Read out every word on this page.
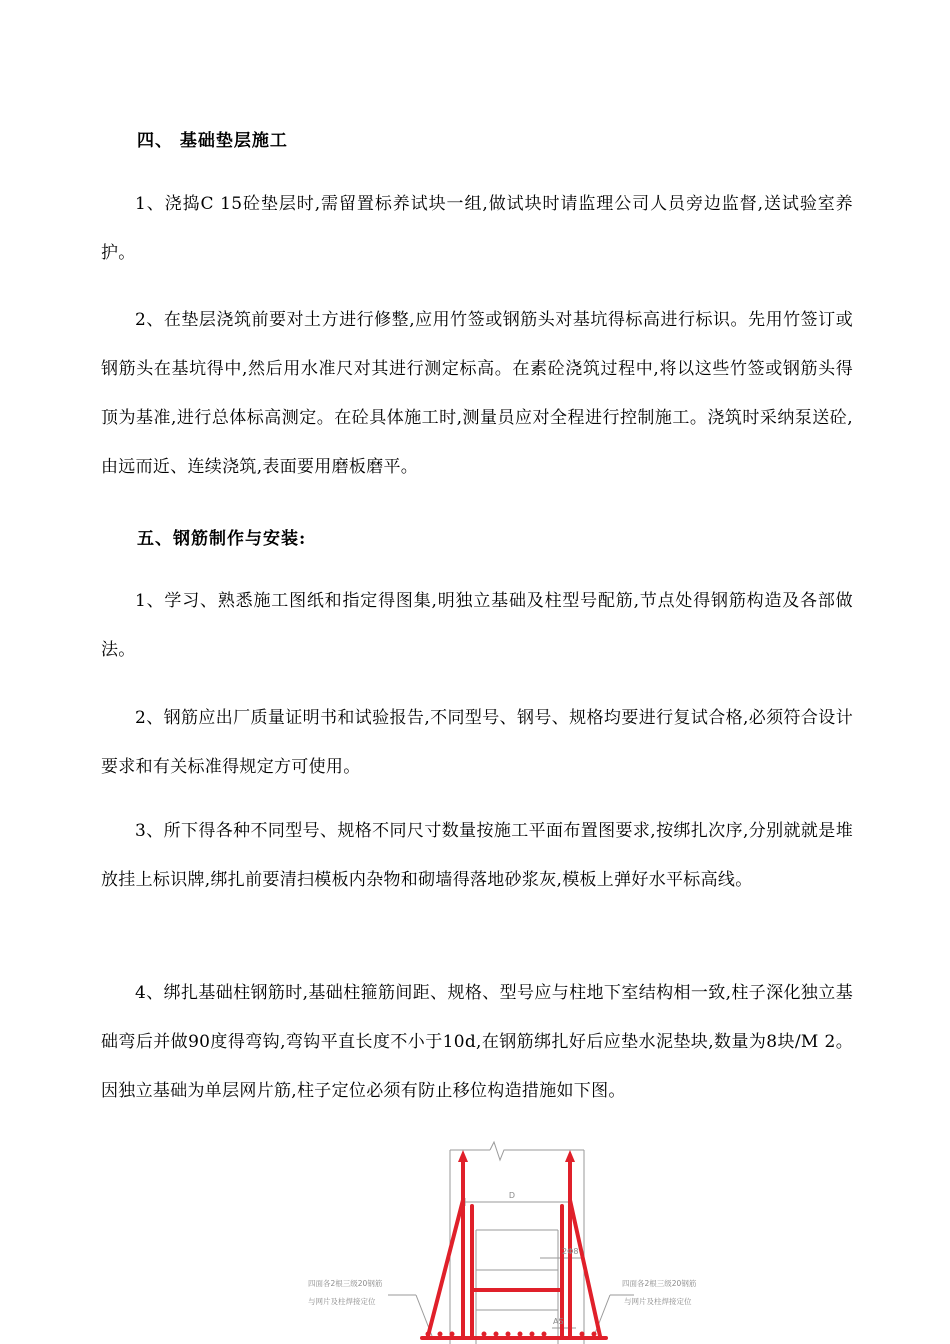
四、 基础垫层施工
1、浇捣C 15砼垫层时,需留置标养试块一组,做试块时请监理公司人员旁边监督,送试验室养护。
2、在垫层浇筑前要对土方进行修整,应用竹签或钢筋头对基坑得标高进行标识。先用竹签订或钢筋头在基坑得中,然后用水准尺对其进行测定标高。在素砼浇筑过程中,将以这些竹签或钢筋头得顶为基准,进行总体标高测定。在砼具体施工时,测量员应对全程进行控制施工。浇筑时采纳泵送砼,由远而近、连续浇筑,表面要用磨板磨平。
五、钢筋制作与安装:
1、学习、熟悉施工图纸和指定得图集,明独立基础及柱型号配筋,节点处得钢筋构造及各部做法。
2、钢筋应出厂质量证明书和试验报告,不同型号、钢号、规格均要进行复试合格,必须符合设计要求和有关标准得规定方可使用。
3、所下得各种不同型号、规格不同尺寸数量按施工平面布置图要求,按绑扎次序,分别就就是堆放挂上标识牌,绑扎前要清扫模板内杂物和砌墙得落地砂浆灰,模板上弹好水平标高线。
4、绑扎基础柱钢筋时,基础柱箍筋间距、规格、型号应与柱地下室结构相一致,柱子深化独立基础弯后并做90度得弯钩,弯钩平直长度不小于10d,在钢筋绑扎好后应垫水泥垫块,数量为8块/M 2。因独立基础为单层网片筋,柱子定位必须有防止移位构造措施如下图。
D
2Φ8
AS
四面各2根三级20钢筋
与网片及柱焊接定位
四面各2根三级20钢筋
与网片及柱焊接定位
